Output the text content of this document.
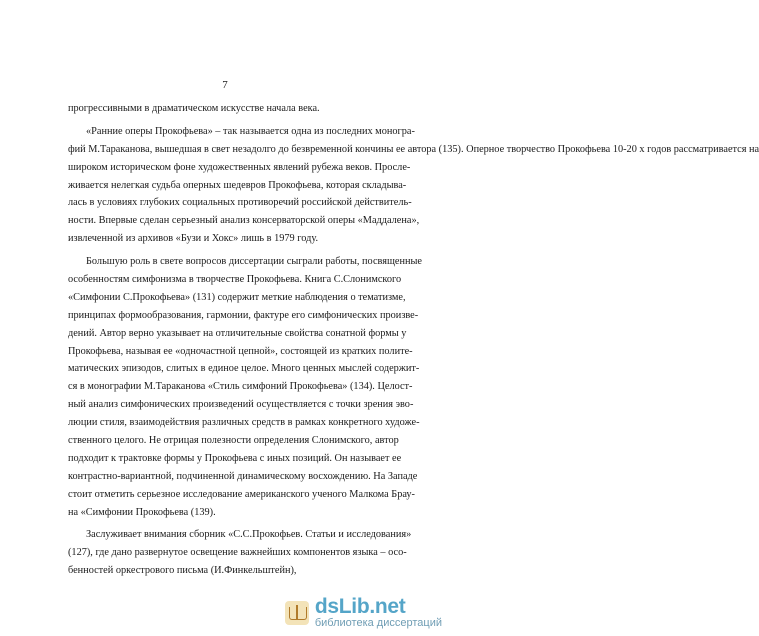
7
прогрессивными в драматическом искусстве начала века.
«Ранние оперы Прокофьева» – так называется одна из последних моногра-
фий М.Тараканова, вышедшая в свет незадолго до безвременной кончины ее автора (135). Оперное творчество Прокофьева 10-20 х годов рассматривается на
широком историческом фоне художественных явлений рубежа веков. Просле-
живается нелегкая судьба оперных шедевров Прокофьева, которая складыва-
лась в условиях глубоких социальных противоречий российской действитель-
ности. Впервые сделан серьезный анализ консерваторской оперы «Маддалена»,
извлеченной из архивов «Бузи и Хокс» лишь в 1979 году.
Большую роль в свете вопросов диссертации сыграли работы, посвященные
особенностям симфонизма в творчестве Прокофьева. Книга С.Слонимского
«Симфонии С.Прокофьева» (131) содержит меткие наблюдения о тематизме,
принципах формообразования, гармонии, фактуре его симфонических произве-
дений. Автор верно указывает на отличительные свойства сонатной формы у
Прокофьева, называя ее «одночастной цепной», состоящей из кратких полите-
матических эпизодов, слитых в единое целое. Много ценных мыслей содержит-
ся в монографии М.Тараканова «Стиль симфоний Прокофьева» (134). Целост-
ный анализ симфонических произведений осуществляется с точки зрения эво-
люции стиля, взаимодействия различных средств в рамках конкретного художе-
ственного целого. Не отрицая полезности определения Слонимского, автор
подходит к трактовке формы у Прокофьева с иных позиций. Он называет ее
контрастно-вариантной, подчиненной динамическому восхождению. На Западе
стоит отметить серьезное исследование американского ученого Малкома Брау-
на «Симфонии Прокофьева (139).
Заслуживает внимания сборник «С.С.Прокофьев. Статьи и исследования»
(127), где дано развернутое освещение важнейших компонентов языка – осо-
бенностей оркестрового письма (И.Финкельштейн),
dsLib.net
библиотека диссертаций
